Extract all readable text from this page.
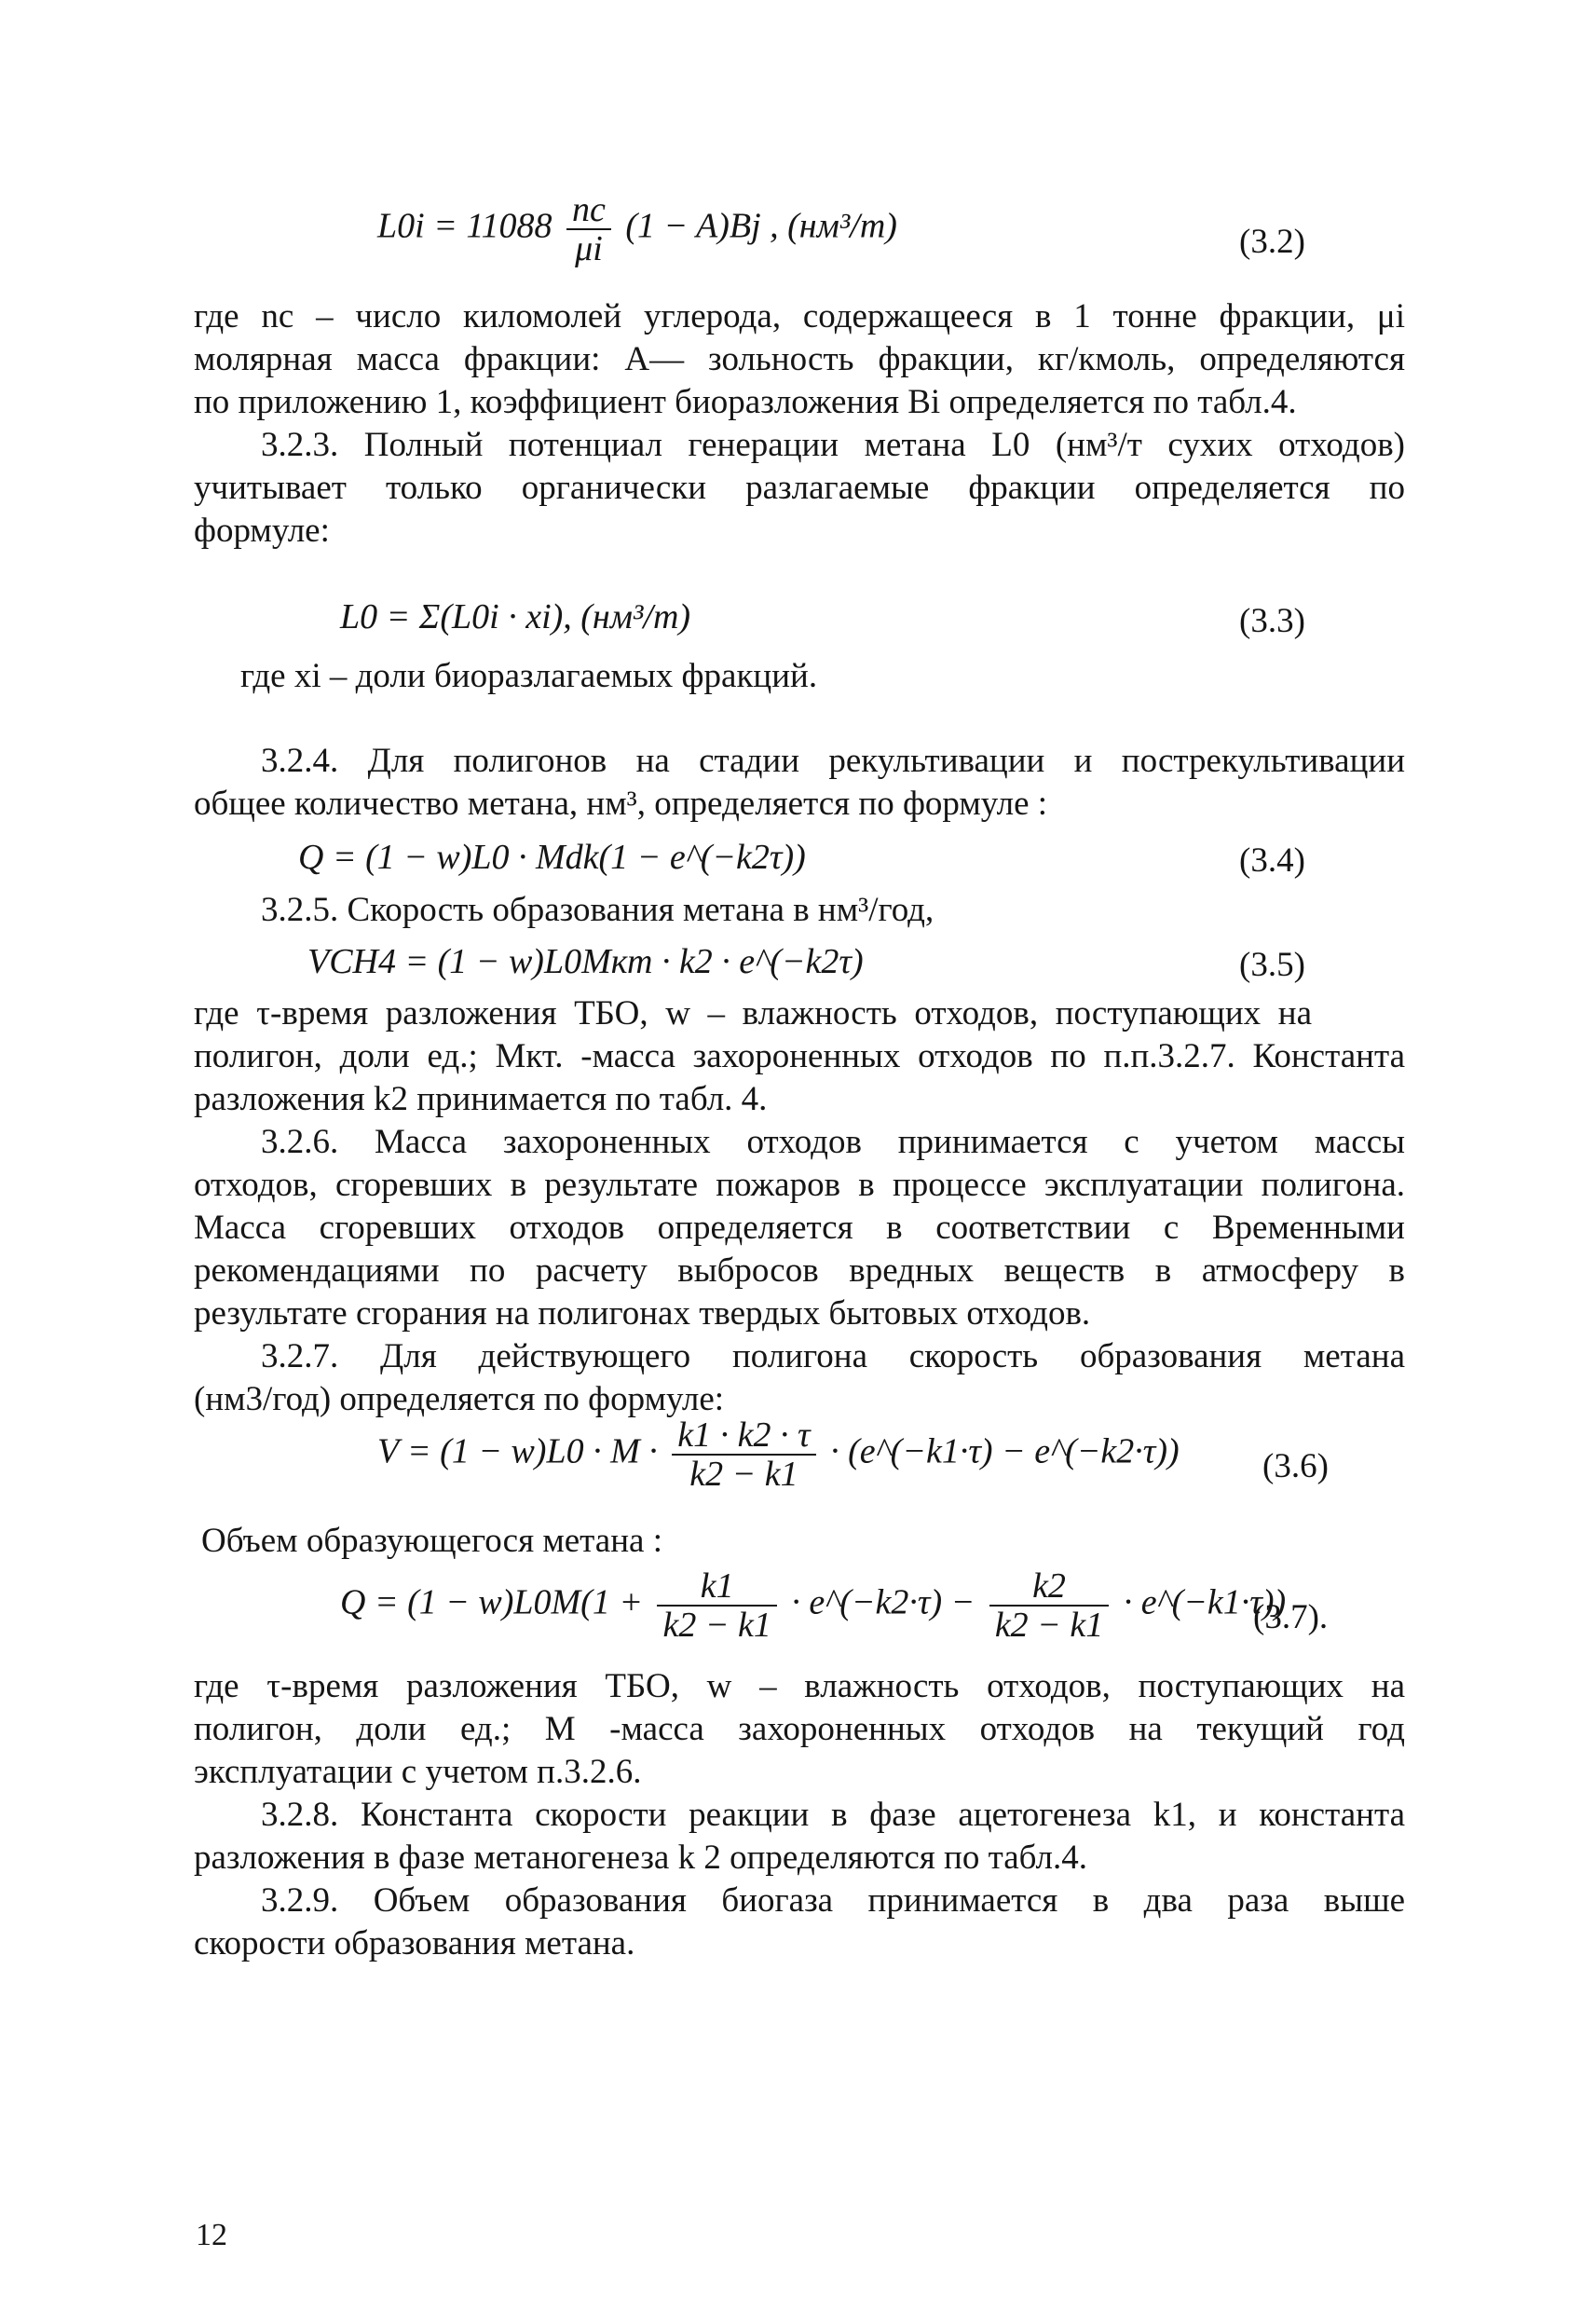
$L0i = 11088 \frac{nc}{\mu i} (1 - A)Bj$ , (нм³/т)	(3.2)
где nc – число киломолей углерода, содержащееся в 1 тонне фракции, μi
молярная масса фракции: A— зольность фракции, кг/кмоль, определяются
по приложению 1, коэффициент биоразложения Bi определяется по табл.4.
3.2.3. Полный потенциал генерации метана L0 (нм³/т сухих отходов)
учитывает только органически разлагаемые фракции определяется по
формуле:
L0 = Σ(L0i · xi), (нм³/т)	(3.3)
где xi – доли биоразлагаемых фракций.
3.2.4. Для полигонов на стадии рекультивации и пострекультивации
общее количество метана, нм³, определяется по формуле :
Q = (1 − w)L0 · Mdk(1 − e^(−k2τ))	(3.4)
3.2.5. Скорость образования метана в нм³/год,
VCH4 = (1 − w)L0Mкт · k2 · e^(−k2τ)	(3.5)
где τ-время разложения ТБО, w – влажность отходов, поступающих на
полигон, доли ед.; Mкт. -масса захороненных отходов по п.п.3.2.7. Константа
разложения k2 принимается по табл. 4.
3.2.6. Масса захороненных отходов принимается с учетом массы
отходов, сгоревших в результате пожаров в процессе эксплуатации полигона.
Масса сгоревших отходов определяется в соответствии с Временными
рекомендациями по расчету выбросов вредных веществ в атмосферу в
результате сгорания на полигонах твердых бытовых отходов.
3.2.7. Для действующего полигона скорость образования метана
(нм3/год) определяется по формуле:
$V = (1 - w)L0 \cdot M \cdot \frac{k1 \cdot k2 \cdot \tau}{k2 - k1}$ · (e^(−k1·τ) − e^(−k2·τ)) (3.6)
Объем образующегося метана :
$Q = (1 - w)L0M(1 + \frac{k1}{k2 - k1}$ · e^(−k2·τ) − $\frac{k2}{k2 - k1}$ · e^(−k1·τ))
(3.7).
где τ-время разложения ТБО, w – влажность отходов, поступающих на
полигон, доли ед.; М -масса захороненных отходов на текущий год
эксплуатации с учетом п.3.2.6.
3.2.8. Константа скорости реакции в фазе ацетогенеза k1, и константа
разложения в фазе метаногенеза k 2 определяются по табл.4.
3.2.9. Объем образования биогаза принимается в два раза выше
скорости образования метана.
12
